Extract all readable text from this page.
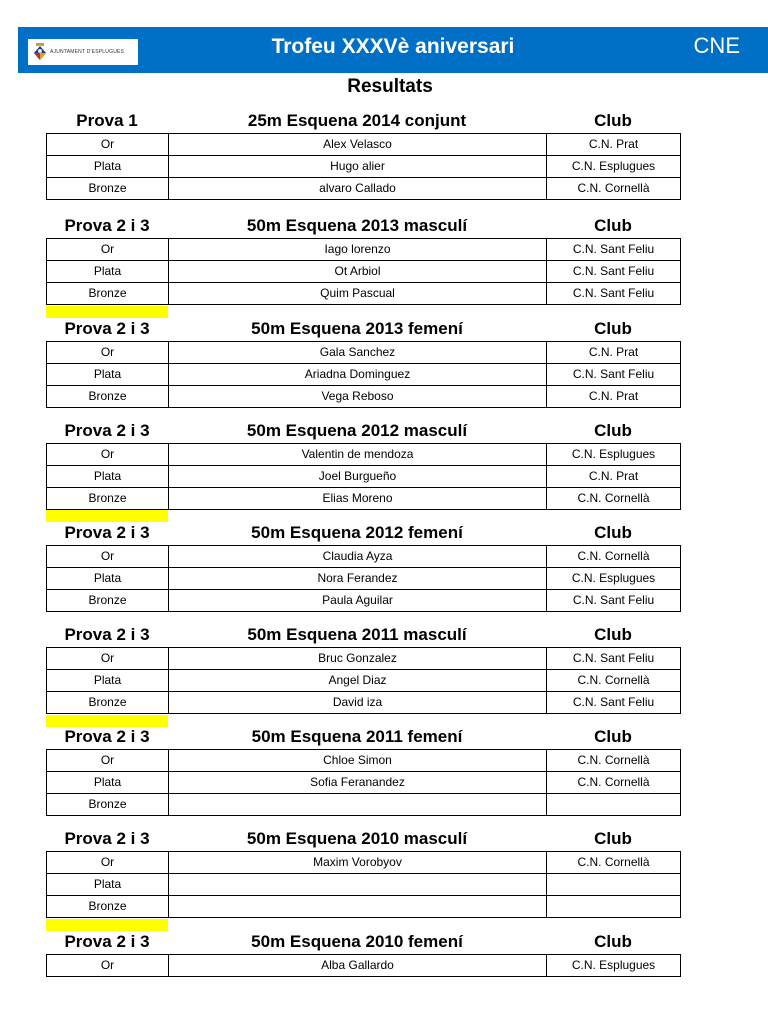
AJUNTAMENT D'ESPLUGUES	Trofeu XXXVè aniversari	CNE
Resultats
Prova 1	25m Esquena 2014 conjunt	Club
Or	Alex Velasco	C.N. Prat
Plata	Hugo alier	C.N. Esplugues
Bronze	alvaro Callado	C.N. Cornellà
Prova 2 i 3	50m Esquena 2013 masculí	Club
Or	Iago lorenzo	C.N. Sant Feliu
Plata	Ot Arbiol	C.N. Sant Feliu
Bronze	Quim Pascual	C.N. Sant Feliu
Prova 2 i 3	50m Esquena 2013 femení	Club
Or	Gala Sanchez	C.N. Prat
Plata	Ariadna Dominguez	C.N. Sant Feliu
Bronze	Vega Reboso	C.N. Prat
Prova 2 i 3	50m Esquena 2012 masculí	Club
Or	Valentin de mendoza	C.N. Esplugues
Plata	Joel Burgueño	C.N. Prat
Bronze	Elias Moreno	C.N. Cornellà
Prova 2 i 3	50m Esquena 2012 femení	Club
Or	Claudia Ayza	C.N. Cornellà
Plata	Nora Ferandez	C.N. Esplugues
Bronze	Paula Aguilar	C.N. Sant Feliu
Prova 2 i 3	50m Esquena 2011 masculí	Club
Or	Bruc Gonzalez	C.N. Sant Feliu
Plata	Angel Diaz	C.N. Cornellà
Bronze	David iza	C.N. Sant Feliu
Prova 2 i 3	50m Esquena 2011 femení	Club
Or	Chloe Simon	C.N. Cornellà
Plata	Sofia Feranandez	C.N. Cornellà
Bronze		
Prova 2 i 3	50m Esquena 2010 masculí	Club
Or	Maxim Vorobyov	C.N. Cornellà
Plata		
Bronze		
Prova 2 i 3	50m Esquena 2010 femení	Club
Or	Alba Gallardo	C.N. Esplugues
